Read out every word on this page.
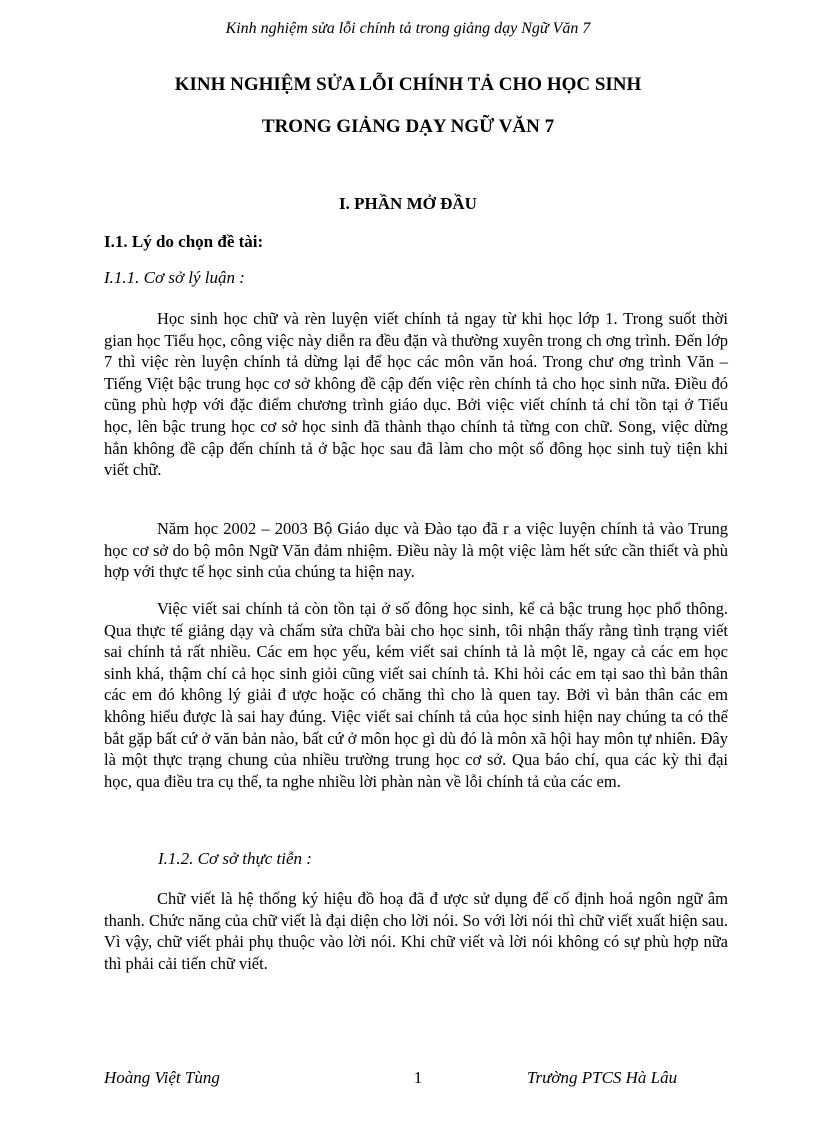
Kinh nghiệm sửa lỗi chính tả trong giảng dạy Ngữ Văn 7
KINH NGHIỆM SỬA LỖI CHÍNH TẢ CHO HỌC SINH
TRONG GIẢNG DẠY NGỮ VĂN 7
I. PHẦN MỞ ĐẦU
I.1. Lý do chọn đề tài:
I.1.1. Cơ sở lý luận :

Học sinh học chữ và rèn luyện viết chính tả ngay từ khi học lớp 1. Trong suốt thời gian học Tiểu học, công việc này diễn ra đều đặn và thường xuyên trong ch ơng trình. Đến lớp 7 thì việc rèn luyện chính tả dừng lại để học các môn văn hoá. Trong chư ơng trình Văn – Tiếng Việt bậc trung học cơ sở không đề cập đến việc rèn chính tả cho học sinh nữa. Điều đó cũng phù hợp với đặc điểm chương trình giáo dục. Bởi việc viết chính tả chỉ tồn tại ở Tiểu học, lên bậc trung học cơ sở học sinh đã thành thạo chính tả từng con chữ. Song, việc dừng hẳn không đề cập đến chính tả ở bậc học sau đã làm cho một số đông học sinh tuỳ tiện khi viết chữ.

Năm học 2002 – 2003 Bộ Giáo dục và Đào tạo đã r a việc luyện chính tả vào Trung học cơ sở do bộ môn Ngữ Văn đảm nhiệm. Điều này là một việc làm hết sức cần thiết và phù hợp với thực tế học sinh của chúng ta hiện nay.

Việc viết sai chính tả còn tồn tại ở số đông học sinh, kể cả bậc trung học phổ thông. Qua thực tế giảng dạy và chấm sửa chữa bài cho học sinh, tôi nhận thấy rằng tình trạng viết sai chính tả rất nhiều. Các em học yếu, kém viết sai chính tả là một lẽ, ngay cả các em học sinh khá, thậm chí cả học sinh giỏi cũng viết sai chính tả. Khi hỏi các em tại sao thì bản thân các em đó không lý giải đ ược hoặc có chăng thì cho là quen tay. Bởi vì bản thân các em không hiểu được là sai hay đúng. Việc viết sai chính tả của học sinh hiện nay chúng ta có thể bắt gặp bất cứ ở văn bản nào, bất cứ ở môn học gì dù đó là môn xã hội hay môn tự nhiên. Đây là một thực trạng chung của nhiều trường trung học cơ sở. Qua báo chí, qua các kỳ thi đại học, qua điều tra cụ thể, ta nghe nhiều lời phàn nàn về lỗi chính tả của các em.

I.1.2. Cơ sở thực tiễn :

Chữ viết là hệ thống ký hiệu đồ hoạ đã đ ược sử dụng để cố định hoá ngôn ngữ âm thanh. Chức năng của chữ viết là đại diện cho lời nói. So với lời nói thì chữ viết xuất hiện sau. Vì vậy, chữ viết phải phụ thuộc vào lời nói. Khi chữ viết và lời nói không có sự phù hợp nữa thì phải cải tiến chữ viết.

Hoàng Việt Tùng	1	Trường PTCS Hà Lâu
